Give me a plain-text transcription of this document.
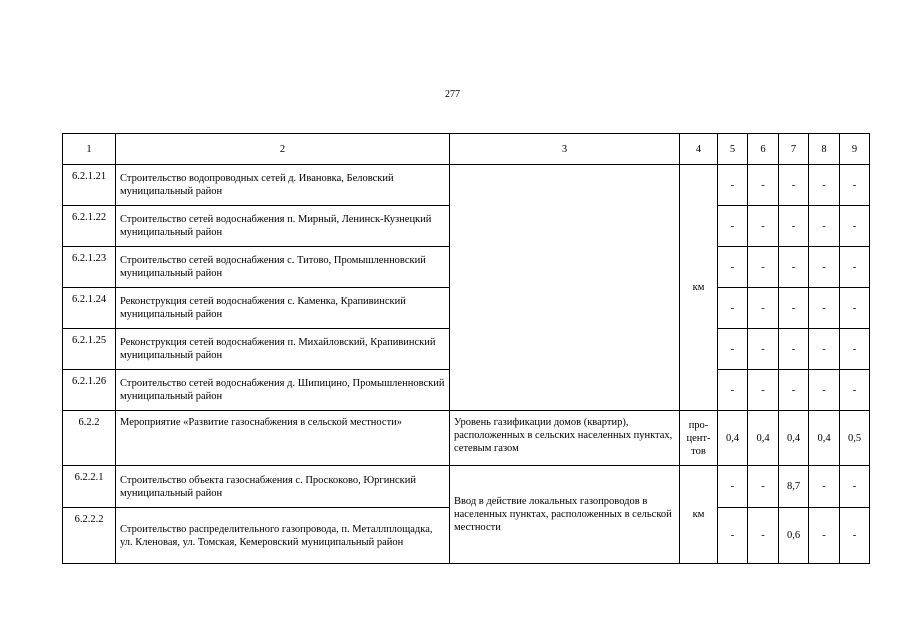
277
1	2	3	4	5	6	7	8	9
6.2.1.21	Строительство водопроводных сетей д. Ивановка, Беловский муниципальный район		км	-	-	-	-	-
6.2.1.22	Строительство сетей водоснабжения п. Мирный, Ленинск-Кузнецкий муниципальный район			-	-	-	-	-
6.2.1.23	Строительство сетей водоснабжения с. Титово, Промышленновский муниципальный район			-	-	-	-	-
6.2.1.24	Реконструкция сетей водоснабжения с. Каменка, Крапивинский муниципальный район			-	-	-	-	-
6.2.1.25	Реконструкция сетей водоснабжения п. Михайловский, Крапивинский муниципальный район			-	-	-	-	-
6.2.1.26	Строительство сетей водоснабжения д. Шипицино, Промышленновский муниципальный район			-	-	-	-	-
6.2.2	Мероприятие «Развитие газоснабжения в сельской местности»	Уровень газификации домов (квартир), расположенных в сельских населенных пунктах, сетевым газом	про-цент-тов	0,4	0,4	0,4	0,4	0,5
6.2.2.1	Строительство объекта газоснабжения с. Проскоково, Юргинский муниципальный район	Ввод в действие локальных газопроводов в населенных пунктах, расположенных в сельской местности	км	-	-	8,7	-	-
6.2.2.2	Строительство распределительного газопровода, п. Металлплощадка, ул. Кленовая, ул. Томская, Кемеровский муниципальный район			-	-	0,6	-	-
